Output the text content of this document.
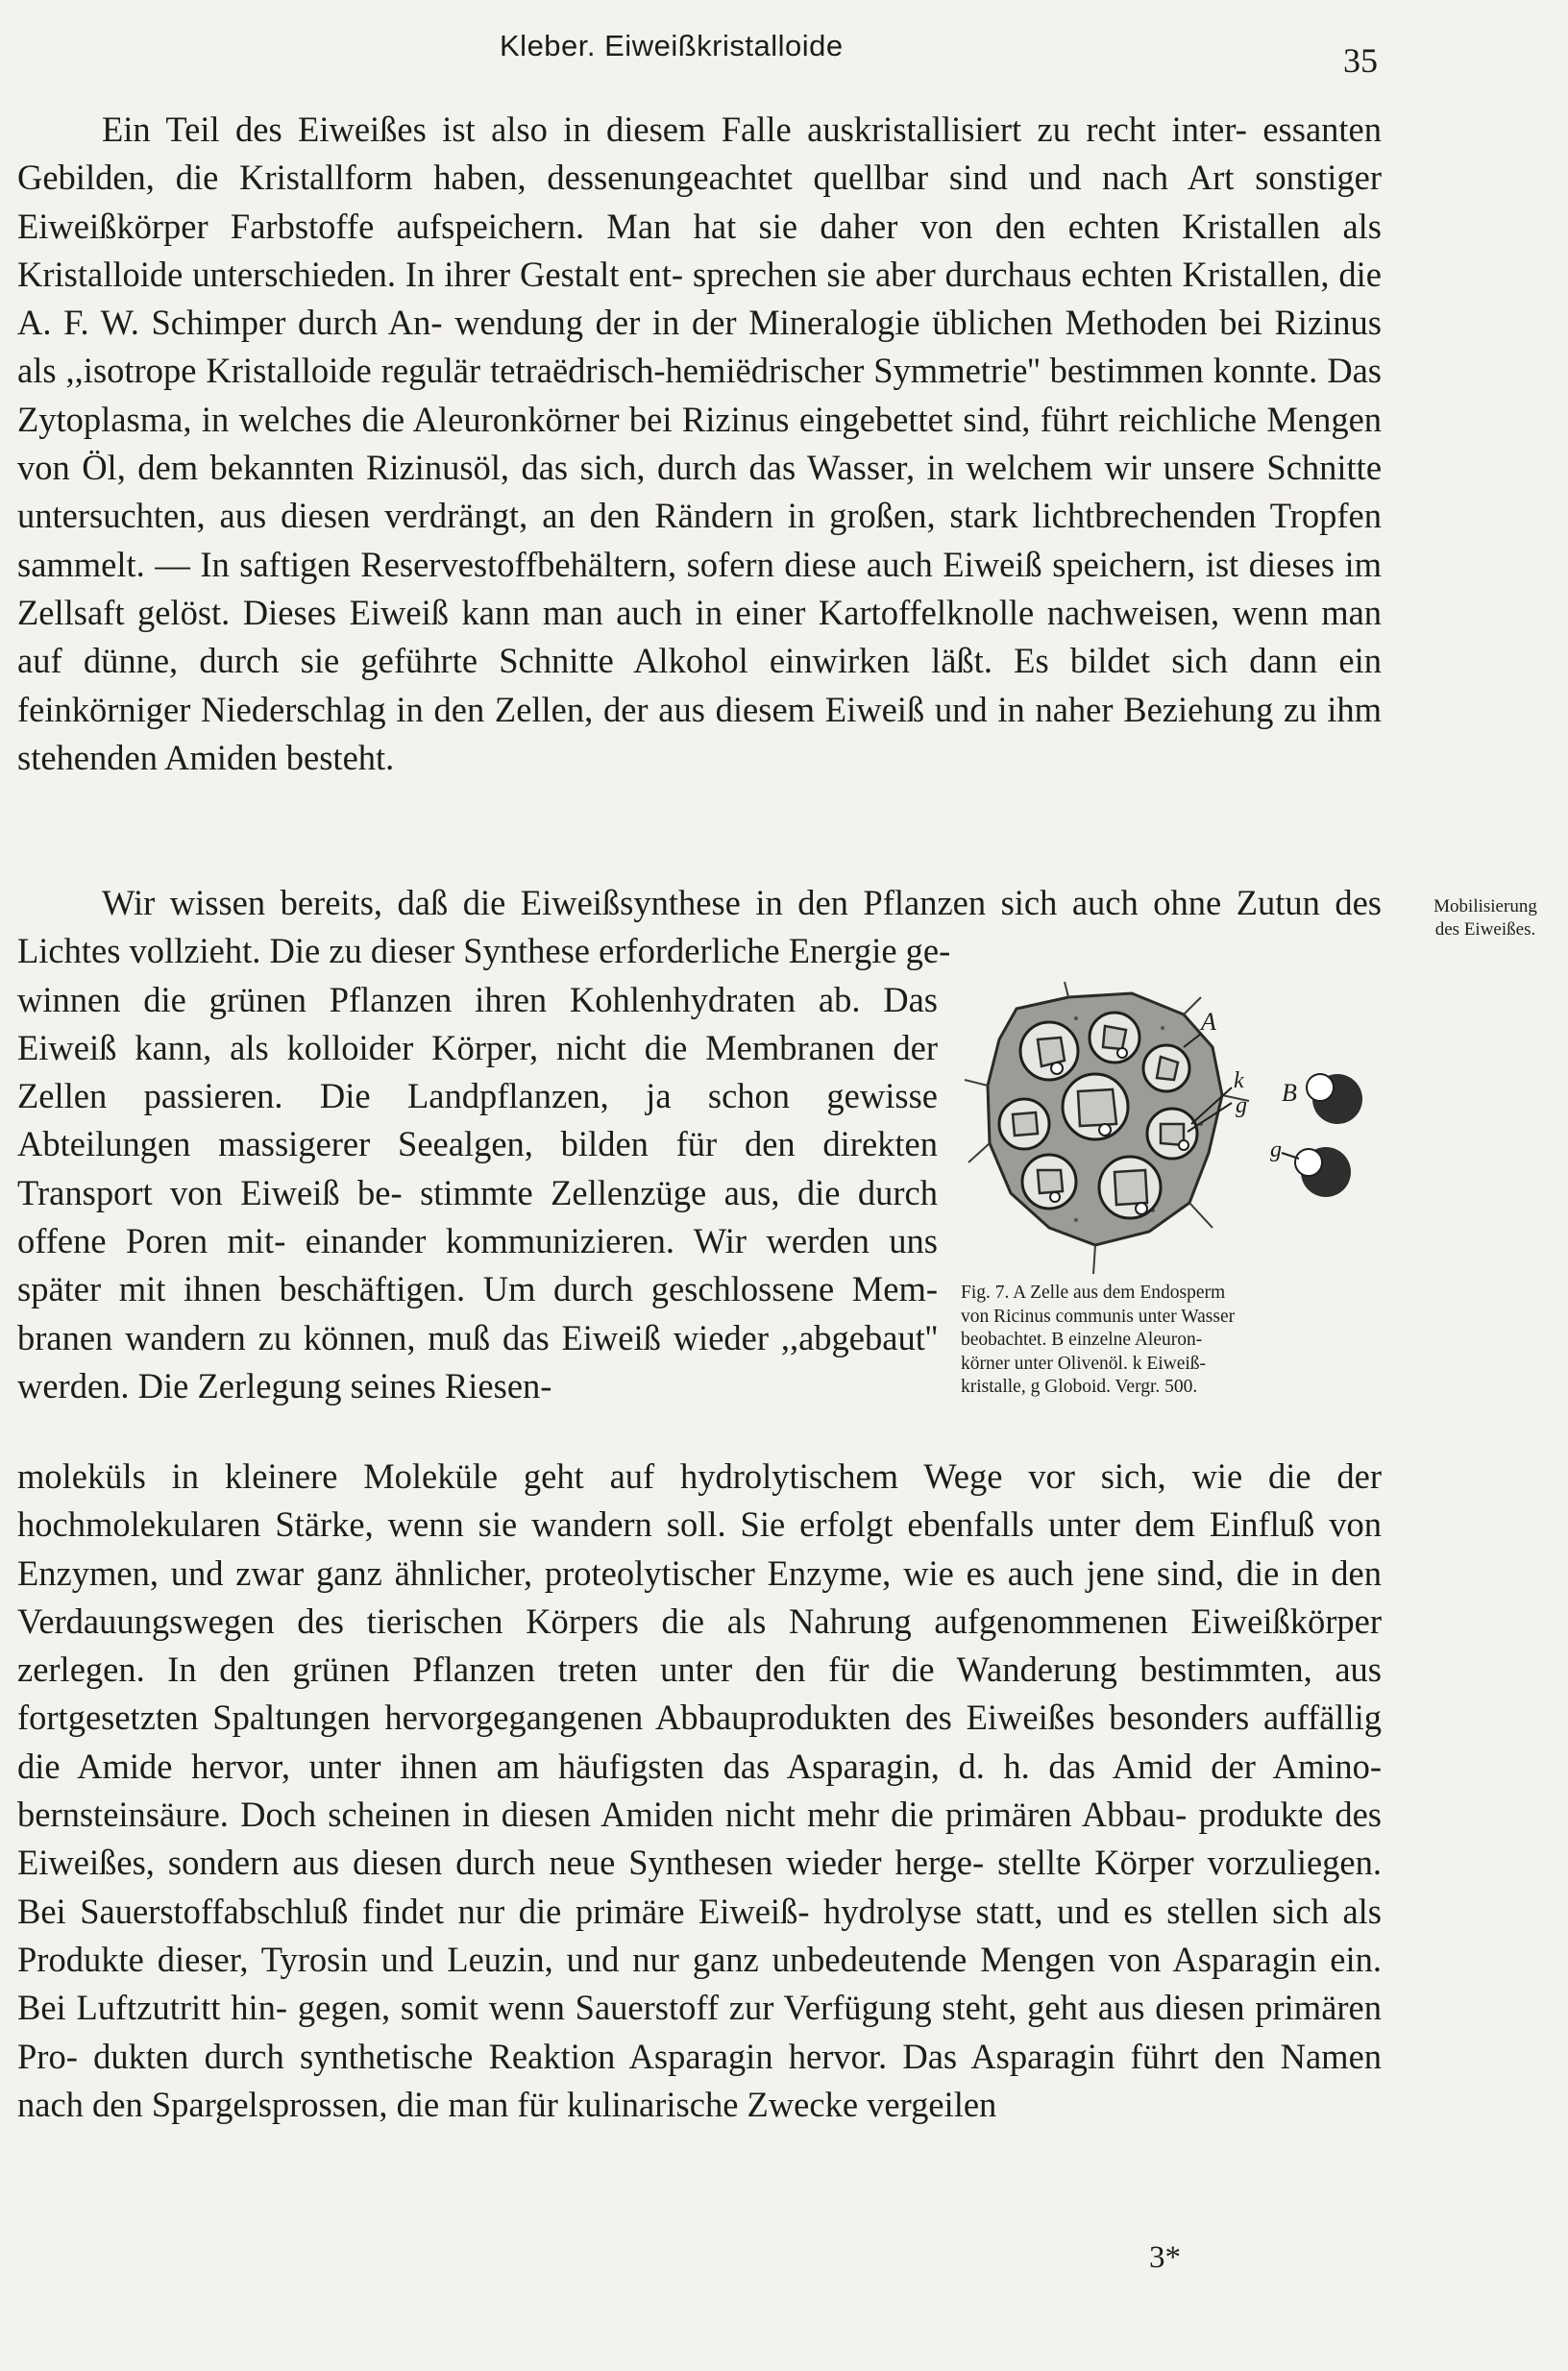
Kleber. Eiweißkristalloide	35

Ein Teil des Eiweißes ist also in diesem Falle auskristallisiert zu recht inter- essanten Gebilden, die Kristallform haben, dessenungeachtet quellbar sind und nach Art sonstiger Eiweißkörper Farbstoffe aufspeichern. Man hat sie daher von den echten Kristallen als Kristalloide unterschieden. In ihrer Gestalt ent- sprechen sie aber durchaus echten Kristallen, die A. F. W. Schimper durch An- wendung der in der Mineralogie üblichen Methoden bei Rizinus als ,,isotrope Kristalloide regulär tetraëdrisch-hemiëdrischer Symmetrie'' bestimmen konnte. Das Zytoplasma, in welches die Aleuronkörner bei Rizinus eingebettet sind, führt reichliche Mengen von Öl, dem bekannten Rizinusöl, das sich, durch das Wasser, in welchem wir unsere Schnitte untersuchten, aus diesen verdrängt, an den Rändern in großen, stark lichtbrechenden Tropfen sammelt. — In saftigen Reservestoffbehältern, sofern diese auch Eiweiß speichern, ist dieses im Zellsaft gelöst. Dieses Eiweiß kann man auch in einer Kartoffelknolle nachweisen, wenn man auf dünne, durch sie geführte Schnitte Alkohol einwirken läßt. Es bildet sich dann ein feinkörniger Niederschlag in den Zellen, der aus diesem Eiweiß und in naher Beziehung zu ihm stehenden Amiden besteht.

Wir wissen bereits, daß die Eiweißsynthese in den Pflanzen sich auch ohne Zutun des Lichtes vollzieht. Die zu dieser Synthese erforderliche Energie ge-

winnen die grünen Pflanzen ihren Kohlenhydraten ab. Das Eiweiß kann, als kolloider Körper, nicht die Membranen der Zellen passieren. Die Landpflanzen, ja schon gewisse Abteilungen massigerer Seealgen, bilden für den direkten Transport von Eiweiß be- stimmte Zellenzüge aus, die durch offene Poren mit- einander kommunizieren. Wir werden uns später mit ihnen beschäftigen. Um durch geschlossene Mem- branen wandern zu können, muß das Eiweiß wieder ,,abgebaut'' werden. Die Zerlegung seines Riesen-

moleküls in kleinere Moleküle geht auf hydrolytischem Wege vor sich, wie die der hochmolekularen Stärke, wenn sie wandern soll. Sie erfolgt ebenfalls unter dem Einfluß von Enzymen, und zwar ganz ähnlicher, proteolytischer Enzyme, wie es auch jene sind, die in den Verdauungswegen des tierischen Körpers die als Nahrung aufgenommenen Eiweißkörper zerlegen. In den grünen Pflanzen treten unter den für die Wanderung bestimmten, aus fortgesetzten Spaltungen hervorgegangenen Abbauprodukten des Eiweißes besonders auffällig die Amide hervor, unter ihnen am häufigsten das Asparagin, d. h. das Amid der Amino- bernsteinsäure. Doch scheinen in diesen Amiden nicht mehr die primären Abbau- produkte des Eiweißes, sondern aus diesen durch neue Synthesen wieder herge- stellte Körper vorzuliegen. Bei Sauerstoffabschluß findet nur die primäre Eiweiß- hydrolyse statt, und es stellen sich als Produkte dieser, Tyrosin und Leuzin, und nur ganz unbedeutende Mengen von Asparagin ein. Bei Luftzutritt hin- gegen, somit wenn Sauerstoff zur Verfügung steht, geht aus diesen primären Pro- dukten durch synthetische Reaktion Asparagin hervor. Das Asparagin führt den Namen nach den Spargelsprossen, die man für kulinarische Zwecke vergeilen

Mobilisierung
des Eiweißes.
A
k
g B
g
Fig. 7. A Zelle aus dem Endosperm
von Ricinus communis unter Wasser
beobachtet. B einzelne Aleuron-
körner unter Olivenöl. k Eiweiß-
kristalle, g Globoid. Vergr. 500.
3*
